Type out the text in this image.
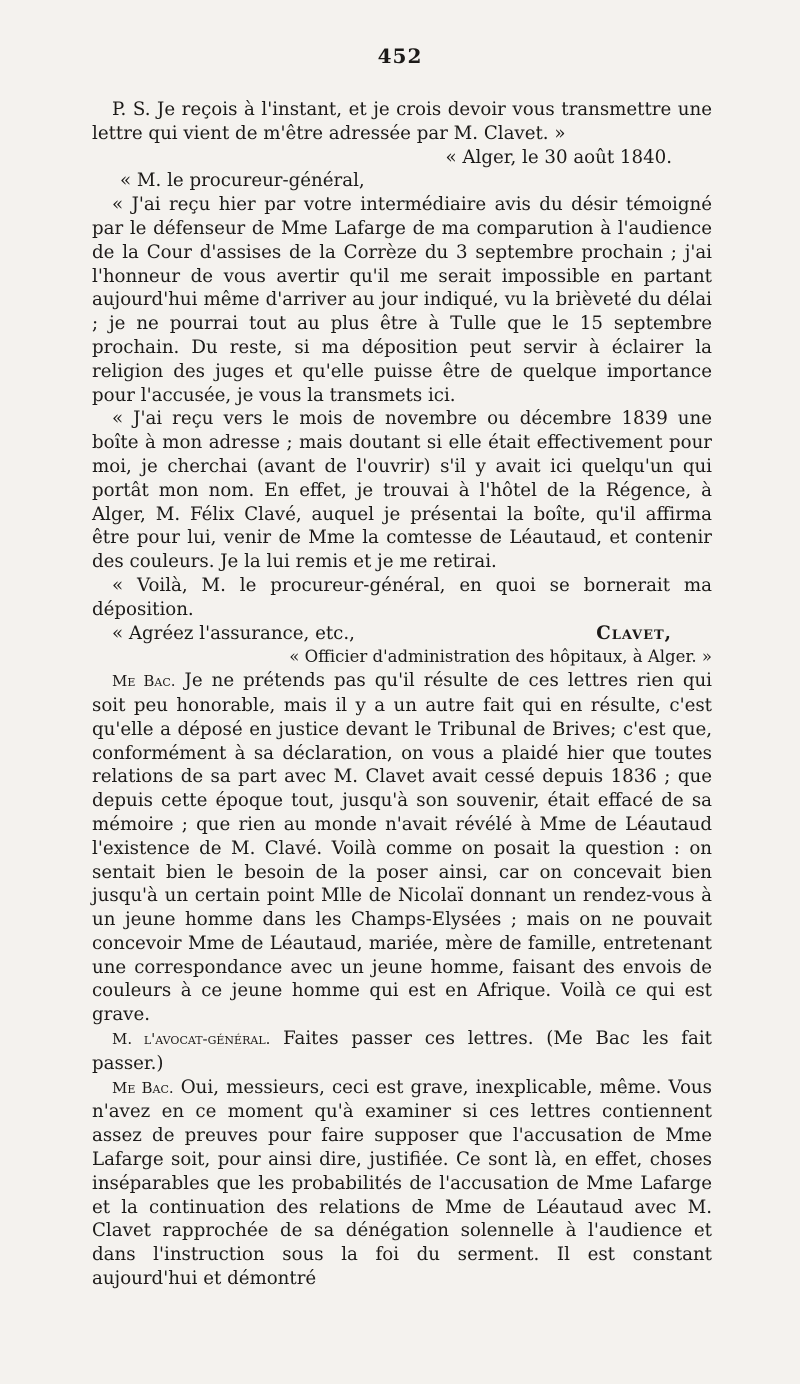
452

P. S. Je reçois à l'instant, et je crois devoir vous transmettre une lettre qui vient de m'être adressée par M. Clavet. »

« Alger, le 30 août 1840.

« M. le procureur-général,

« J'ai reçu hier par votre intermédiaire avis du désir témoigné par le défenseur de Mme Lafarge de ma comparution à l'audience de la Cour d'assises de la Corrèze du 3 septembre prochain ; j'ai l'honneur de vous avertir qu'il me serait impossible en partant aujourd'hui même d'arriver au jour indiqué, vu la brièveté du délai ; je ne pourrai tout au plus être à Tulle que le 15 septembre prochain. Du reste, si ma déposition peut servir à éclairer la religion des juges et qu'elle puisse être de quelque importance pour l'accusée, je vous la transmets ici.

« J'ai reçu vers le mois de novembre ou décembre 1839 une boîte à mon adresse ; mais doutant si elle était effectivement pour moi, je cherchai (avant de l'ouvrir) s'il y avait ici quelqu'un qui portât mon nom. En effet, je trouvai à l'hôtel de la Régence, à Alger, M. Félix Clavé, auquel je présentai la boîte, qu'il affirma être pour lui, venir de Mme la comtesse de Léautaud, et contenir des couleurs. Je la lui remis et je me retirai.

« Voilà, M. le procureur-général, en quoi se bornerait ma déposition.

« Agréez l'assurance, etc.,	Clavet,

« Officier d'administration des hôpitaux, à Alger. »

Me Bac. Je ne prétends pas qu'il résulte de ces lettres rien qui soit peu honorable, mais il y a un autre fait qui en résulte, c'est qu'elle a déposé en justice devant le Tribunal de Brives; c'est que, conformément à sa déclaration, on vous a plaidé hier que toutes relations de sa part avec M. Clavet avait cessé depuis 1836 ; que depuis cette époque tout, jusqu'à son souvenir, était effacé de sa mémoire ; que rien au monde n'avait révélé à Mme de Léautaud l'existence de M. Clavé. Voilà comme on posait la question : on sentait bien le besoin de la poser ainsi, car on concevait bien jusqu'à un certain point Mlle de Nicolaï donnant un rendez-vous à un jeune homme dans les Champs-Elysées ; mais on ne pouvait concevoir Mme de Léautaud, mariée, mère de famille, entretenant une correspondance avec un jeune homme, faisant des envois de couleurs à ce jeune homme qui est en Afrique. Voilà ce qui est grave.

M. l'avocat-général. Faites passer ces lettres. (Me Bac les fait passer.)

Me Bac. Oui, messieurs, ceci est grave, inexplicable, même. Vous n'avez en ce moment qu'à examiner si ces lettres contiennent assez de preuves pour faire supposer que l'accusation de Mme Lafarge soit, pour ainsi dire, justifiée. Ce sont là, en effet, choses inséparables que les probabilités de l'accusation de Mme Lafarge et la continuation des relations de Mme de Léautaud avec M. Clavet rapprochée de sa dénégation solennelle à l'audience et dans l'instruction sous la foi du serment. Il est constant aujourd'hui et démontré
